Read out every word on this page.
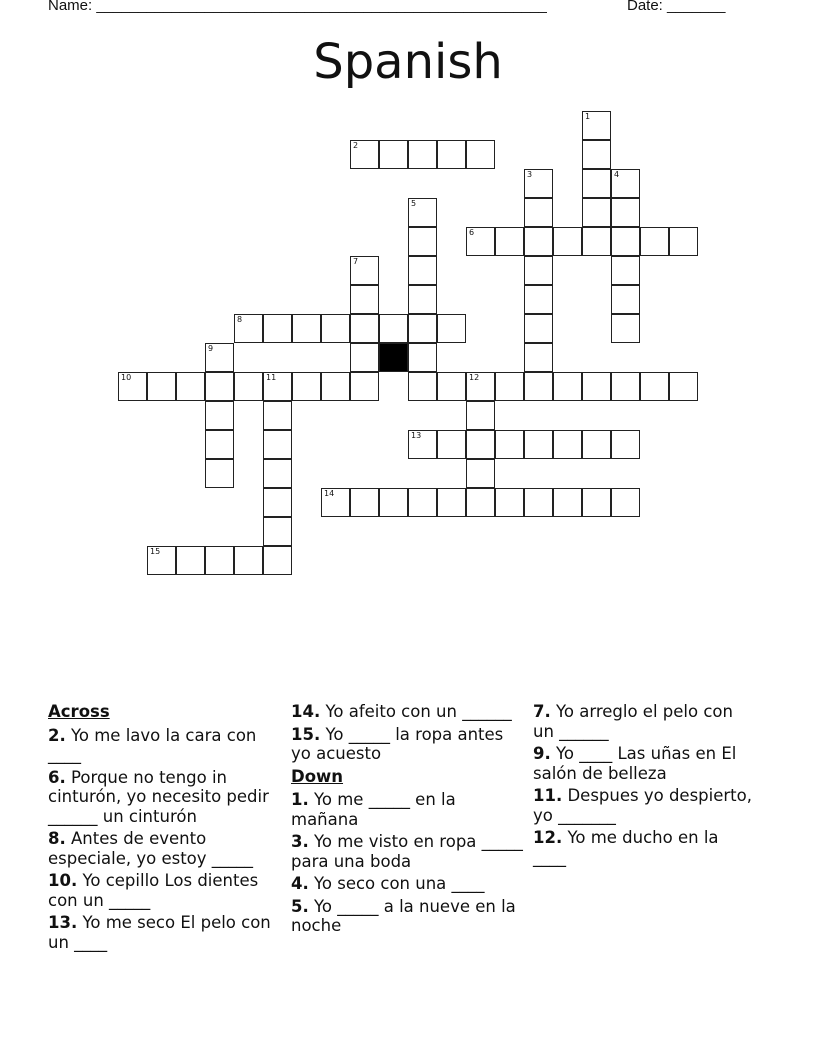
Name: ______________________________________________________	Date: _______
Spanish
1
2
3	4
5
6
7
8
9
10	11	12
13
14
15
Across
2. Yo me lavo la cara con ____
6. Porque no tengo in cinturón, yo necesito pedir ______ un cinturón
8. Antes de evento especiale, yo estoy _____
10. Yo cepillo Los dientes con un _____
13. Yo me seco El pelo con un ____
14. Yo afeito con un ______
15. Yo _____ la ropa antes yo acuesto
Down
1. Yo me _____ en la mañana
3. Yo me visto en ropa _____ para una boda
4. Yo seco con una ____
5. Yo _____ a la nueve en la noche
7. Yo arreglo el pelo con un ______
9. Yo ____ Las uñas en El salón de belleza
11. Despues yo despierto, yo _______
12. Yo me ducho en la ____
